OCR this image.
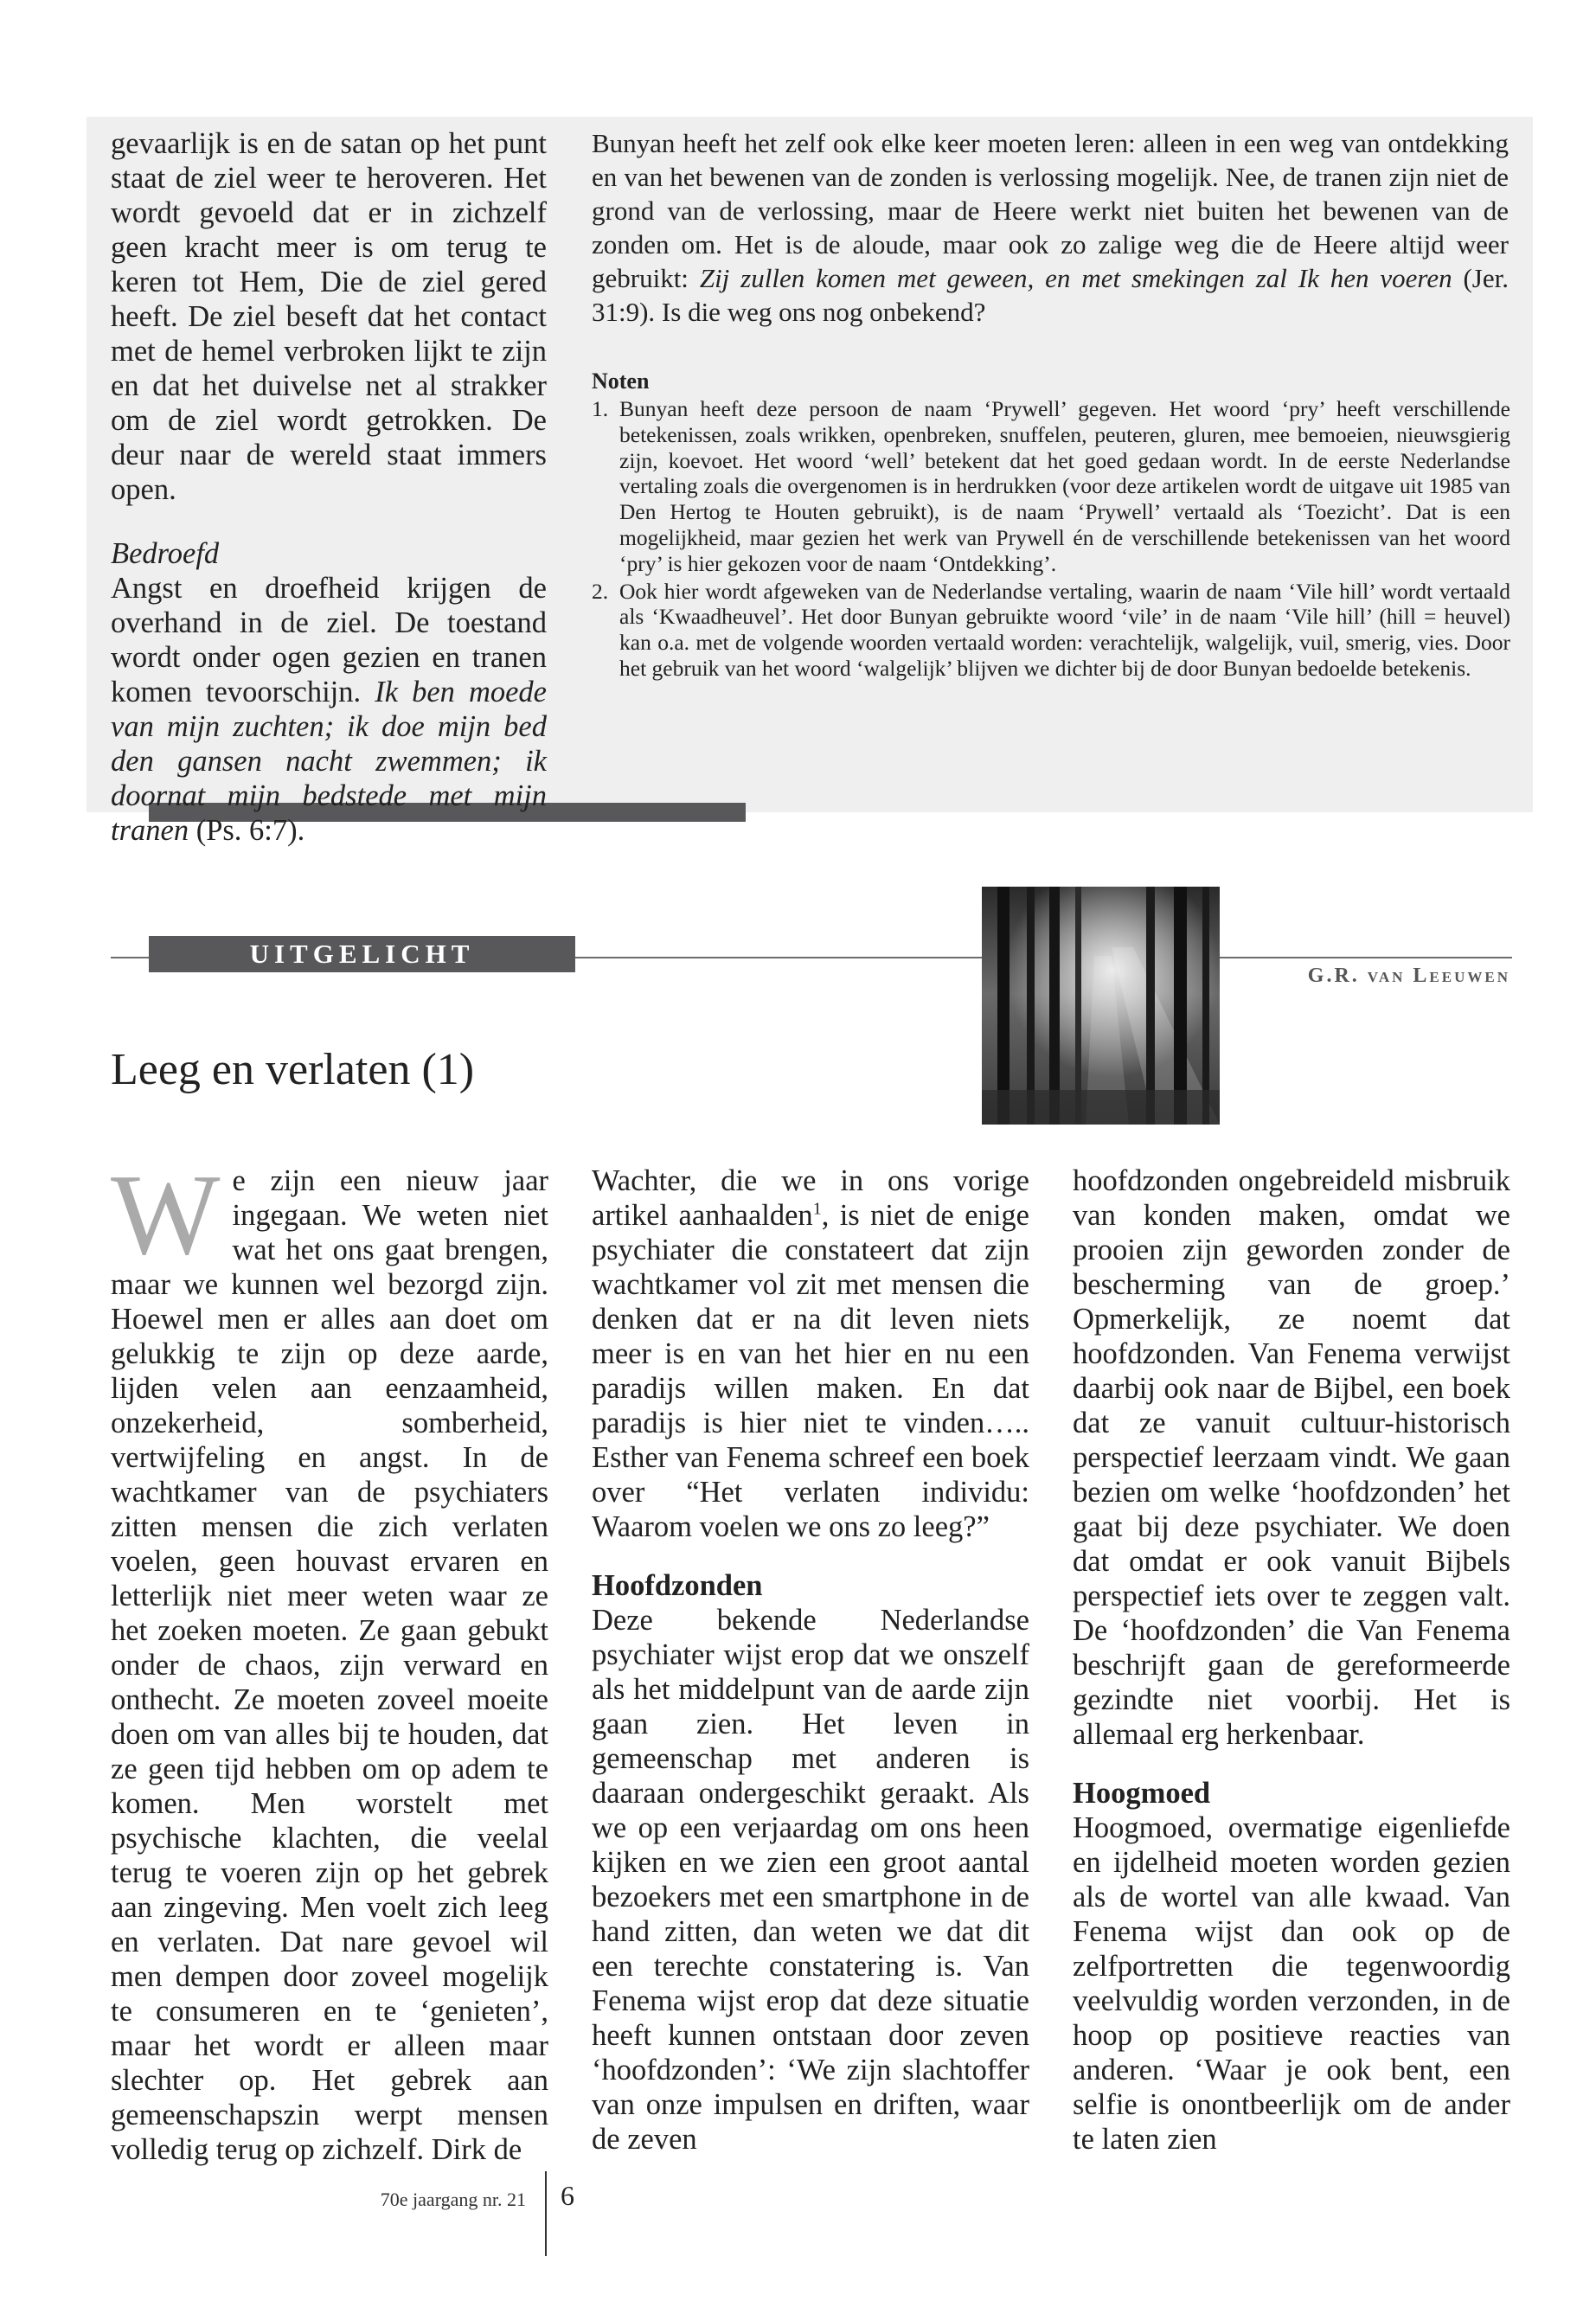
gevaarlijk is en de satan op het punt staat de ziel weer te heroveren. Het wordt gevoeld dat er in zichzelf geen kracht meer is om terug te keren tot Hem, Die de ziel gered heeft. De ziel beseft dat het contact met de hemel verbroken lijkt te zijn en dat het duivelse net al strakker om de ziel wordt getrokken. De deur naar de wereld staat immers open.

Bedroefd

Angst en droefheid krijgen de overhand in de ziel. De toestand wordt onder ogen gezien en tranen komen tevoorschijn. Ik ben moede van mijn zuchten; ik doe mijn bed den gansen nacht zwemmen; ik doornat mijn bedstede met mijn tranen (Ps. 6:7).

Bunyan heeft het zelf ook elke keer moeten leren: alleen in een weg van ontdekking en van het bewenen van de zonden is verlossing mogelijk. Nee, de tranen zijn niet de grond van de verlossing, maar de Heere werkt niet buiten het bewenen van de zonden om. Het is de aloude, maar ook zo zalige weg die de Heere altijd weer gebruikt: Zij zullen komen met geween, en met smekingen zal Ik hen voeren (Jer. 31:9). Is die weg ons nog onbekend?

Noten

1. Bunyan heeft deze persoon de naam ‘Prywell’ gegeven. Het woord ‘pry’ heeft verschillende betekenissen, zoals wrikken, openbreken, snuffelen, peuteren, gluren, mee bemoeien, nieuwsgierig zijn, koevoet. Het woord ‘well’ betekent dat het goed gedaan wordt. In de eerste Nederlandse vertaling zoals die overgenomen is in herdrukken (voor deze artikelen wordt de uitgave uit 1985 van Den Hertog te Houten gebruikt), is de naam ‘Prywell’ vertaald als ‘Toezicht’. Dat is een mogelijkheid, maar gezien het werk van Prywell én de verschillende betekenissen van het woord ‘pry’ is hier gekozen voor de naam ‘Ontdekking’.

2. Ook hier wordt afgeweken van de Nederlandse vertaling, waarin de naam ‘Vile hill’ wordt vertaald als ‘Kwaadheuvel’. Het door Bunyan gebruikte woord ‘vile’ in de naam ‘Vile hill’ (hill = heuvel) kan o.a. met de volgende woorden vertaald worden: verachtelijk, walgelijk, vuil, smerig, vies. Door het gebruik van het woord ‘walgelijk’ blijven we dichter bij de door Bunyan bedoelde betekenis.

UITGELICHT
G.R. van Leeuwen
Leeg en verlaten (1)

We zijn een nieuw jaar ingegaan. We weten niet wat het ons gaat brengen, maar we kunnen wel bezorgd zijn. Hoewel men er alles aan doet om gelukkig te zijn op deze aarde, lijden velen aan eenzaamheid, onzekerheid, somberheid, vertwijfeling en angst. In de wachtkamer van de psychiaters zitten mensen die zich verlaten voelen, geen houvast ervaren en letterlijk niet meer weten waar ze het zoeken moeten. Ze gaan gebukt onder de chaos, zijn verward en onthecht. Ze moeten zoveel moeite doen om van alles bij te houden, dat ze geen tijd hebben om op adem te komen. Men worstelt met psychische klachten, die veelal terug te voeren zijn op het gebrek aan zingeving. Men voelt zich leeg en verlaten. Dat nare gevoel wil men dempen door zoveel mogelijk te consumeren en te ‘genieten’, maar het wordt er alleen maar slechter op. Het gebrek aan gemeenschapszin werpt mensen volledig terug op zichzelf. Dirk de

Wachter, die we in ons vorige artikel aanhaalden$^1$, is niet de enige psychiater die constateert dat zijn wachtkamer vol zit met mensen die denken dat er na dit leven niets meer is en van het hier en nu een paradijs willen maken. En dat paradijs is hier niet te vinden….. Esther van Fenema schreef een boek over “Het verlaten individu: Waarom voelen we ons zo leeg?”

Hoofdzonden

Deze bekende Nederlandse psychiater wijst erop dat we onszelf als het middelpunt van de aarde zijn gaan zien. Het leven in gemeenschap met anderen is daaraan ondergeschikt geraakt. Als we op een verjaardag om ons heen kijken en we zien een groot aantal bezoekers met een smartphone in de hand zitten, dan weten we dat dit een terechte constatering is. Van Fenema wijst erop dat deze situatie heeft kunnen ontstaan door zeven ‘hoofdzonden’: ‘We zijn slachtoffer van onze impulsen en driften, waar de zeven

hoofdzonden ongebreideld misbruik van konden maken, omdat we prooien zijn geworden zonder de bescherming van de groep.’ Opmerkelijk, ze noemt dat hoofdzonden. Van Fenema verwijst daarbij ook naar de Bijbel, een boek dat ze vanuit cultuur-historisch perspectief leerzaam vindt. We gaan bezien om welke ‘hoofdzonden’ het gaat bij deze psychiater. We doen dat omdat er ook vanuit Bijbels perspectief iets over te zeggen valt. De ‘hoofdzonden’ die Van Fenema beschrijft gaan de gereformeerde gezindte niet voorbij. Het is allemaal erg herkenbaar.

Hoogmoed

Hoogmoed, overmatige eigenliefde en ijdelheid moeten worden gezien als de wortel van alle kwaad. Van Fenema wijst dan ook op de zelfportretten die tegenwoordig veelvuldig worden verzonden, in de hoop op positieve reacties van anderen. ‘Waar je ook bent, een selfie is onontbeerlijk om de ander te laten zien

70e jaargang nr. 21 6
